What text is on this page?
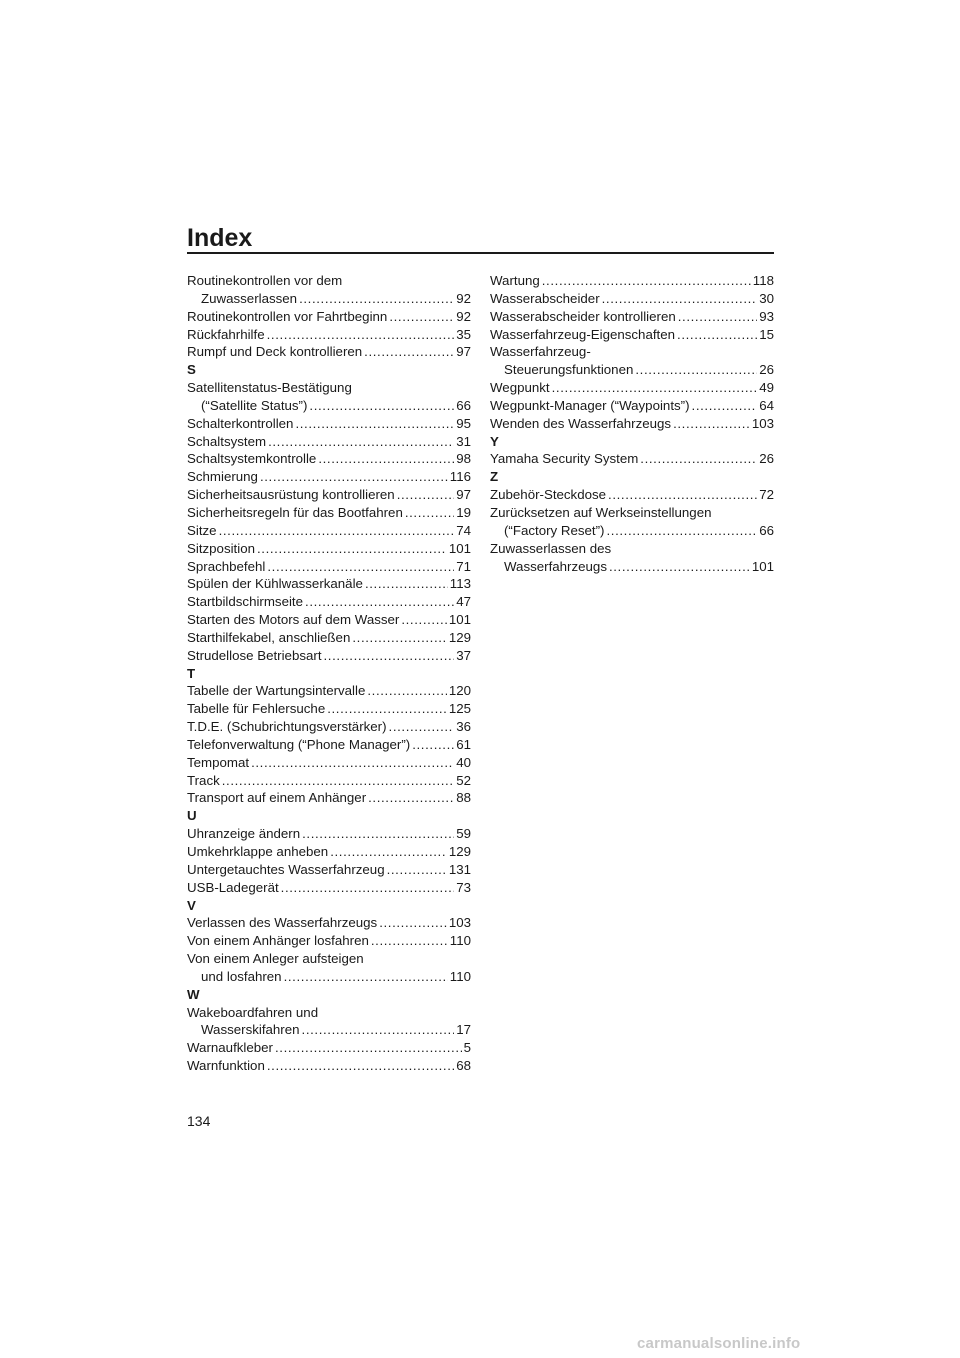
Index
Routinekontrollen vor dem
Zuwasserlassen .....	92
Routinekontrollen vor Fahrtbeginn .....	92
Rückfahrhilfe .....	35
Rumpf und Deck kontrollieren .....	97
S
Satellitenstatus-Bestätigung
(“Satellite Status”) .....	66
Schalterkontrollen .....	95
Schaltsystem .....	31
Schaltsystemkontrolle .....	98
Schmierung .....	116
Sicherheitsausrüstung kontrollieren .....	97
Sicherheitsregeln für das Bootfahren .....	19
Sitze .....	74
Sitzposition .....	101
Sprachbefehl .....	71
Spülen der Kühlwasserkanäle .....	113
Startbildschirmseite .....	47
Starten des Motors auf dem Wasser .....	101
Starthilfekabel, anschließen .....	129
Strudellose Betriebsart .....	37
T
Tabelle der Wartungsintervalle .....	120
Tabelle für Fehlersuche .....	125
T.D.E. (Schubrichtungsverstärker) .....	36
Telefonverwaltung (“Phone Manager”) .....	61
Tempomat .....	40
Track .....	52
Transport auf einem Anhänger .....	88
U
Uhranzeige ändern .....	59
Umkehrklappe anheben .....	129
Untergetauchtes Wasserfahrzeug .....	131
USB-Ladegerät .....	73
V
Verlassen des Wasserfahrzeugs .....	103
Von einem Anhänger losfahren .....	110
Von einem Anleger aufsteigen
und losfahren .....	110
W
Wakeboardfahren und
Wasserskifahren .....	17
Warnaufkleber .....	5
Warnfunktion .....	68
Wartung .....	118
Wasserabscheider .....	30
Wasserabscheider kontrollieren .....	93
Wasserfahrzeug-Eigenschaften .....	15
Wasserfahrzeug-
Steuerungsfunktionen .....	26
Wegpunkt .....	49
Wegpunkt-Manager (“Waypoints”) .....	64
Wenden des Wasserfahrzeugs .....	103
Y
Yamaha Security System .....	26
Z
Zubehör-Steckdose .....	72
Zurücksetzen auf Werkseinstellungen
(“Factory Reset”) .....	66
Zuwasserlassen des
Wasserfahrzeugs .....	101
134
carmanualsonline.info
